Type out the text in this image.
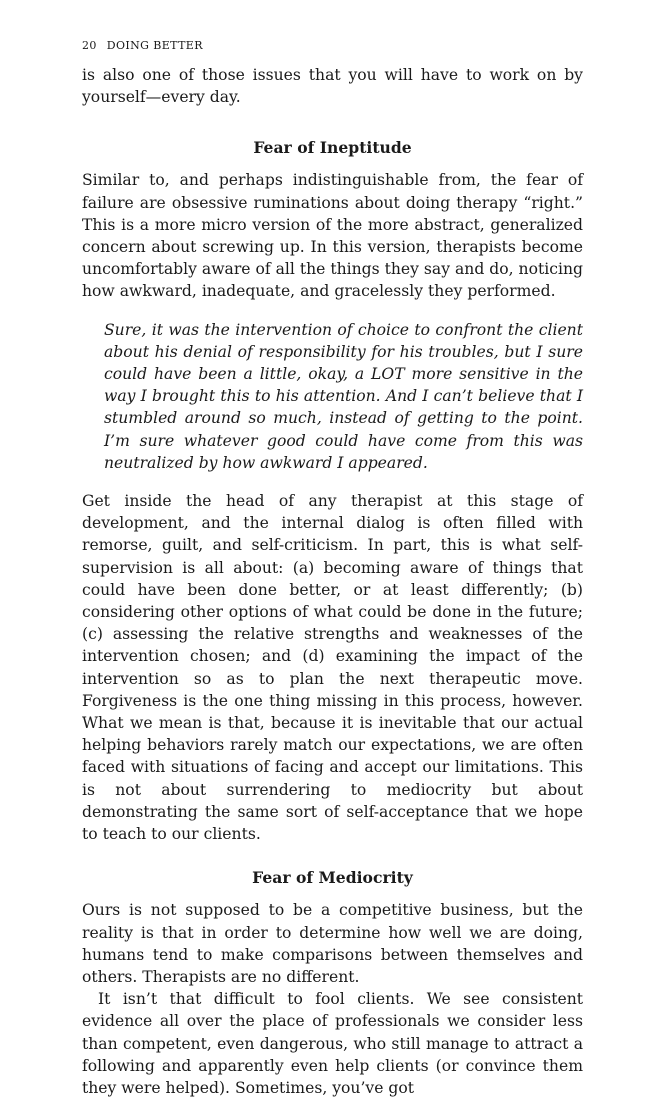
20 DOING BETTER

is also one of those issues that you will have to work on by yourself—every day.

Fear of Ineptitude

Similar to, and perhaps indistinguishable from, the fear of failure are obsessive ruminations about doing therapy “right.” This is a more micro version of the more abstract, generalized concern about screwing up. In this version, therapists become uncomfortably aware of all the things they say and do, noticing how awkward, inadequate, and gracelessly they performed.

Sure, it was the intervention of choice to confront the client about his denial of responsibility for his troubles, but I sure could have been a little, okay, a LOT more sensitive in the way I brought this to his attention. And I can’t believe that I stumbled around so much, instead of getting to the point. I’m sure whatever good could have come from this was neutralized by how awkward I appeared.

Get inside the head of any therapist at this stage of development, and the internal dialog is often filled with remorse, guilt, and self-criticism. In part, this is what self-supervision is all about: (a) becoming aware of things that could have been done better, or at least differently; (b) considering other options of what could be done in the future; (c) assessing the relative strengths and weaknesses of the intervention chosen; and (d) examining the impact of the intervention so as to plan the next therapeutic move. Forgiveness is the one thing missing in this process, however. What we mean is that, because it is inevitable that our actual helping behaviors rarely match our expectations, we are often faced with situations of facing and accept our limitations. This is not about surrendering to mediocrity but about demonstrating the same sort of self-acceptance that we hope to teach to our clients.

Fear of Mediocrity

Ours is not supposed to be a competitive business, but the reality is that in order to determine how well we are doing, humans tend to make comparisons between themselves and others. Therapists are no different.

It isn’t that difficult to fool clients. We see consistent evidence all over the place of professionals we consider less than competent, even dangerous, who still manage to attract a following and apparently even help clients (or convince them they were helped). Sometimes, you’ve got
